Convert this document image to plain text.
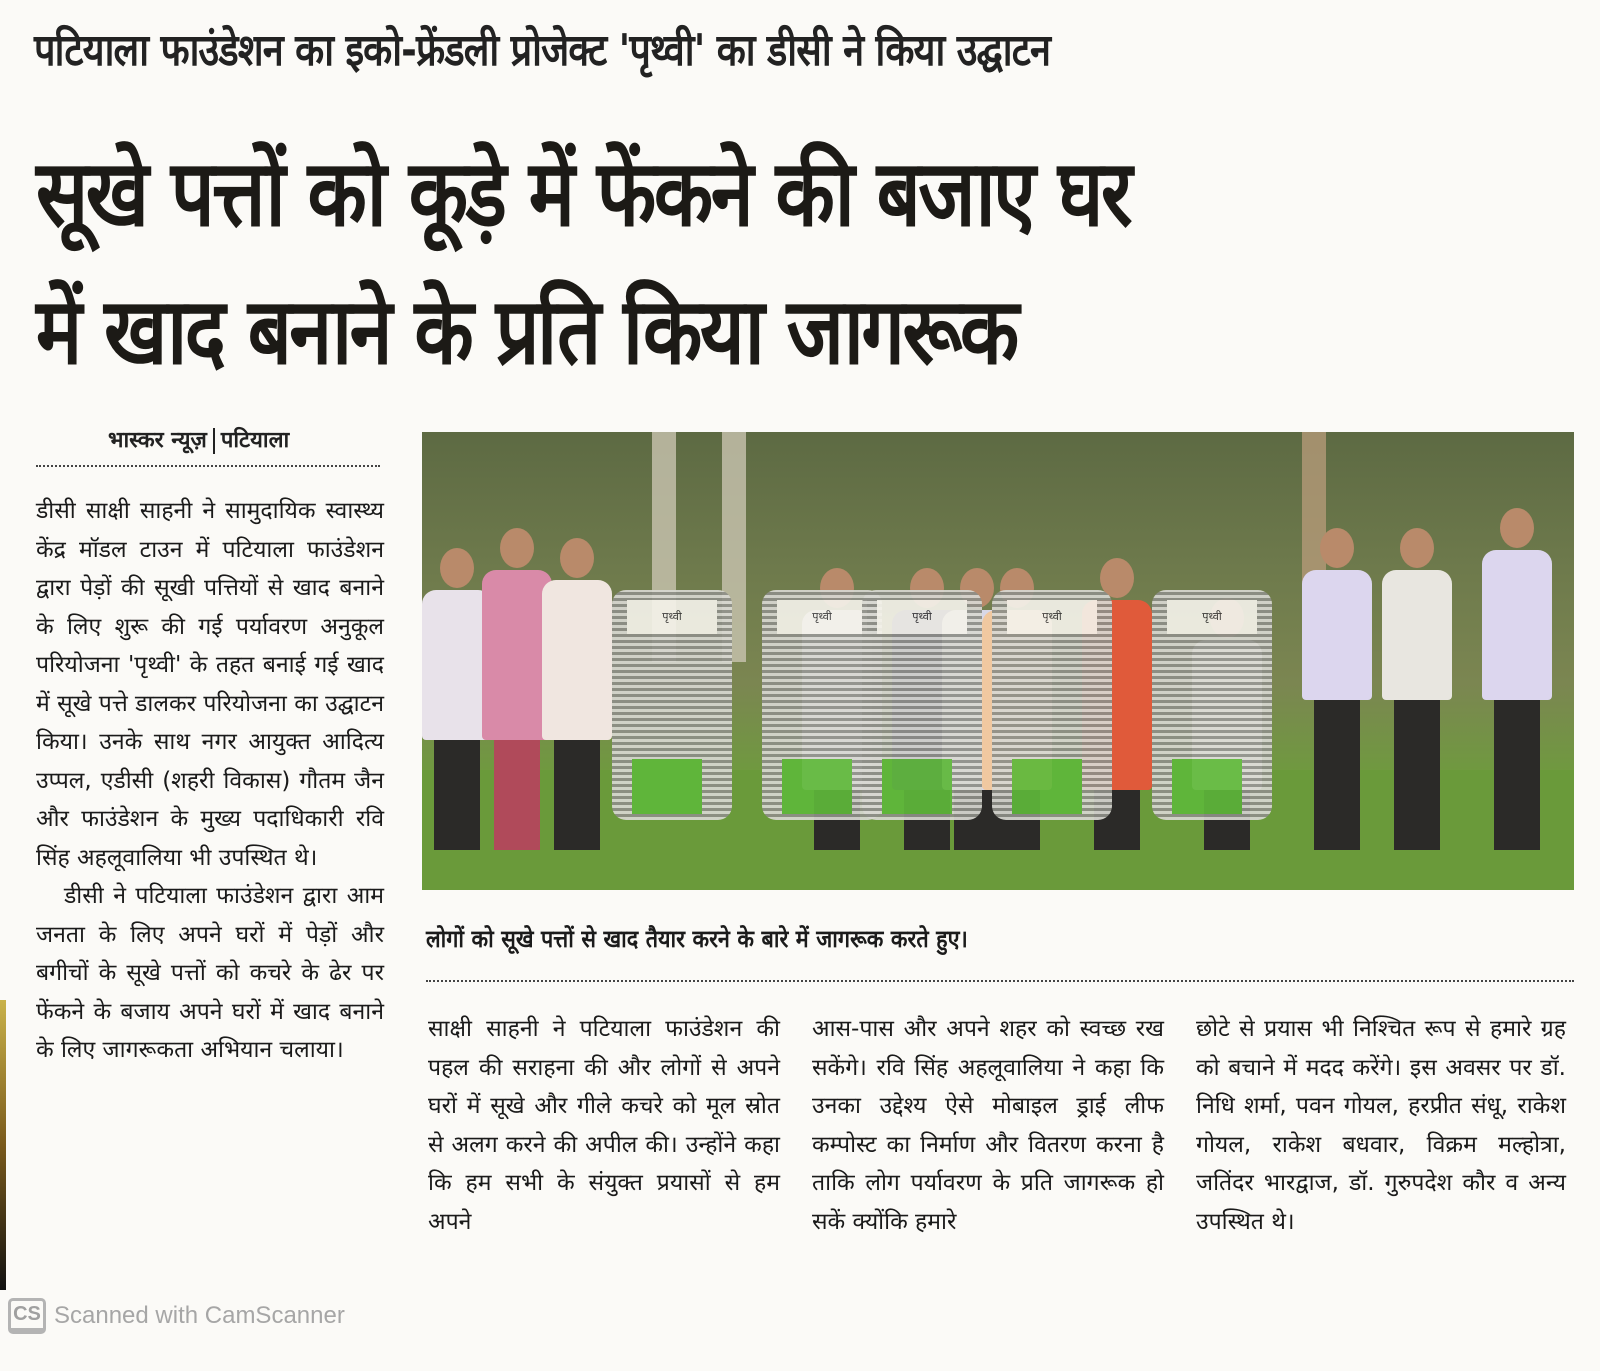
पटियाला फाउंडेशन का इको-फ्रेंडली प्रोजेक्ट 'पृथ्वी' का डीसी ने किया उद्घाटन
सूखे पत्तों को कूड़े में फेंकने की बजाए घर
में खाद बनाने के प्रति किया जागरूक
भास्कर न्यूज़ पटियाला

डीसी साक्षी साहनी ने सामुदायिक स्वास्थ्य केंद्र मॉडल टाउन में पटियाला फाउंडेशन द्वारा पेड़ों की सूखी पत्तियों से खाद बनाने के लिए शुरू की गई पर्यावरण अनुकूल परियोजना 'पृथ्वी' के तहत बनाई गई खाद में सूखे पत्ते डालकर परियोजना का उद्घाटन किया। उनके साथ नगर आयुक्त आदित्य उप्पल, एडीसी (शहरी विकास) गौतम जैन और फाउंडेशन के मुख्य पदाधिकारी रवि सिंह अहलूवालिया भी उपस्थित थे।

डीसी ने पटियाला फाउंडेशन द्वारा आम जनता के लिए अपने घरों में पेड़ों और बगीचों के सूखे पत्तों को कचरे के ढेर पर फेंकने के बजाय अपने घरों में खाद बनाने के लिए जागरूकता अभियान चलाया।

पृथ्वी	पृथ्वी	पृथ्वी	पृथ्वी	पृथ्वी
लोगों को सूखे पत्तों से खाद तैयार करने के बारे में जागरूक करते हुए।

साक्षी साहनी ने पटियाला फाउंडेशन की पहल की सराहना की और लोगों से अपने घरों में सूखे और गीले कचरे को मूल स्रोत से अलग करने की अपील की। उन्होंने कहा कि हम सभी के संयुक्त प्रयासों से हम अपने

आस-पास और अपने शहर को स्वच्छ रख सकेंगे। रवि सिंह अहलूवालिया ने कहा कि उनका उद्देश्य ऐसे मोबाइल ड्राई लीफ कम्पोस्ट का निर्माण और वितरण करना है ताकि लोग पर्यावरण के प्रति जागरूक हो सकें क्योंकि हमारे

छोटे से प्रयास भी निश्चित रूप से हमारे ग्रह को बचाने में मदद करेंगे। इस अवसर पर डॉ. निधि शर्मा, पवन गोयल, हरप्रीत संधू, राकेश गोयल, राकेश बधवार, विक्रम मल्होत्रा, जतिंदर भारद्वाज, डॉ. गुरुपदेश कौर व अन्य उपस्थित थे।

CS Scanned with CamScanner
